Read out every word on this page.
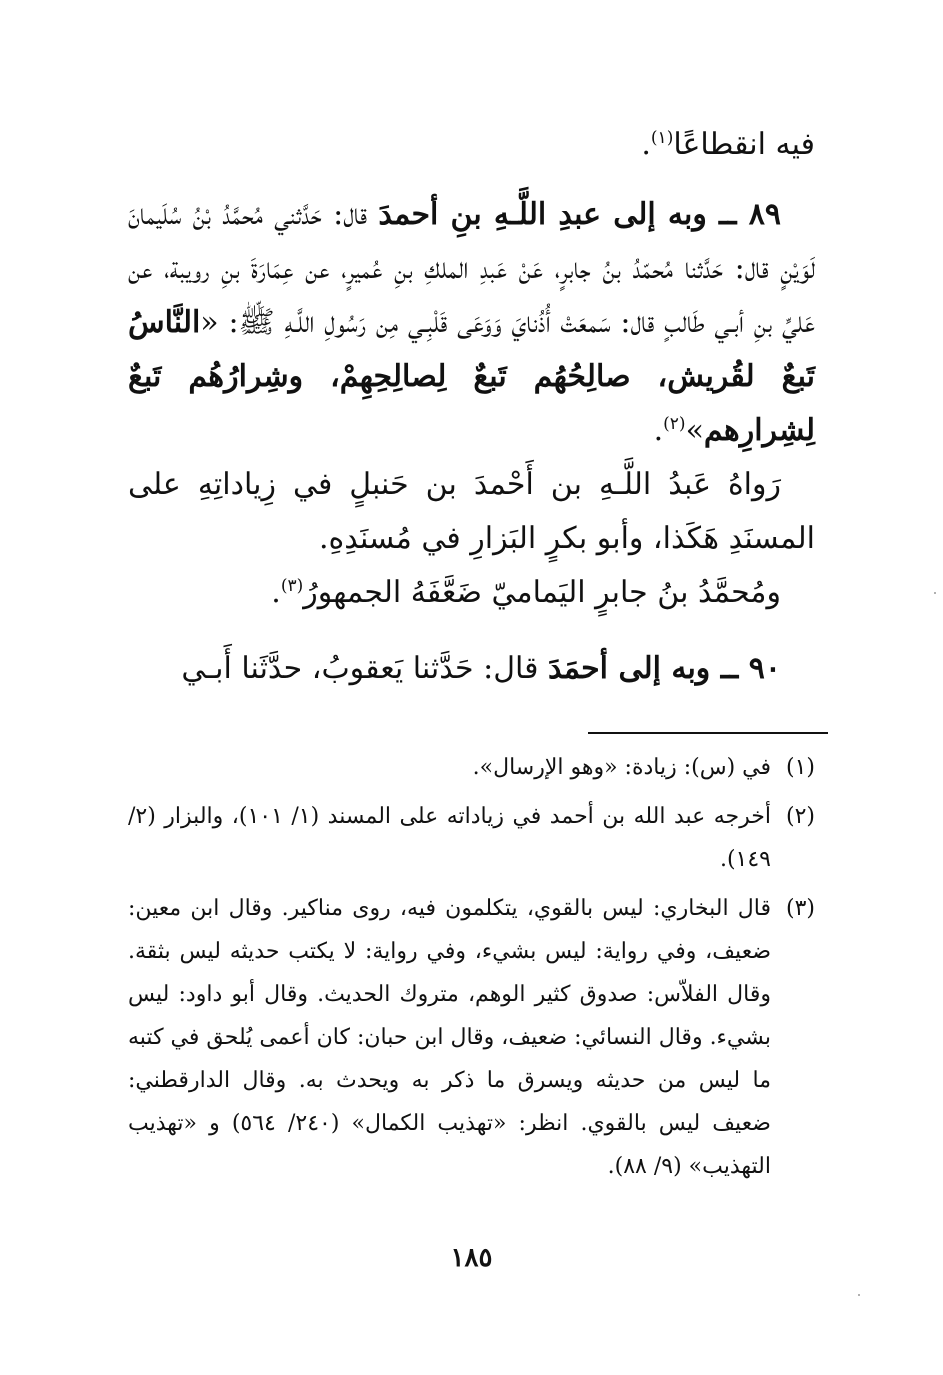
فيه انقطاعًا$^{(١)}$.

٨٩ ــ وبه إلى عبدِ اللَّـهِ بنِ أحمدَ قال: حَدَّثني مُحمَّدُ بْنُ سُلَيمانَ لَوَيْنٍ قال: حَدَّثنا مُحمّدُ بنُ جابرٍ، عَنْ عَبدِ الملكِ بنِ عُميرٍ، عن عِمَارَةَ بنِ رويبة، عن عَليِّ بنِ أبـي طَالبٍ قال: سَمعَتْ أُذُنايَ وَوَعَى قَلْبِـي مِن رَسُولِ اللَّـهِ ﷺ: «النَّاسُ تَبعٌ لقُريش، صالِحُهُم تَبعٌ لِصالِحِهِمْ، وشِرارُهُم تَبعٌ لِشِرارِهم»$^{(٢)}$.

رَواهُ عَبدُ اللَّـهِ بن أَحْمدَ بن حَنبلٍ في زِياداتِهِ على المسنَدِ هَكَذا، وأبو بكرٍ البَزارِ في مُسنَدِهِ.

ومُحمَّدُ بنُ جابرٍ اليَماميّ ضَعَّفَهُ الجمهورُ$^{(٣)}$.

٩٠ ــ وبه إلى أحمَدَ قال: حَدَّثنا يَعقوبُ، حدَّثَنا أَبـي

(١)
في (س): زيادة: «وهو الإرسال».

(٢)
أخرجه عبد الله بن أحمد في زياداته على المسند (١/ ١٠١)، والبزار (٢/ ١٤٩).

(٣)
قال البخاري: ليس بالقوي، يتكلمون فيه، روى مناكير. وقال ابن معين: ضعيف، وفي رواية: ليس بشيء، وفي رواية: لا يكتب حديثه ليس بثقة. وقال الفلاّس: صدوق كثير الوهم، متروك الحديث. وقال أبو داود: ليس بشيء. وقال النسائي: ضعيف، وقال ابن حبان: كان أعمى يُلحق في كتبه ما ليس من حديثه ويسرق ما ذكر به ويحدث به. وقال الدارقطني: ضعيف ليس بالقوي. انظر: «تهذيب الكمال» (٢٤٠/ ٥٦٤) و «تهذيب التهذيب» (٩/ ٨٨).

١٨٥
